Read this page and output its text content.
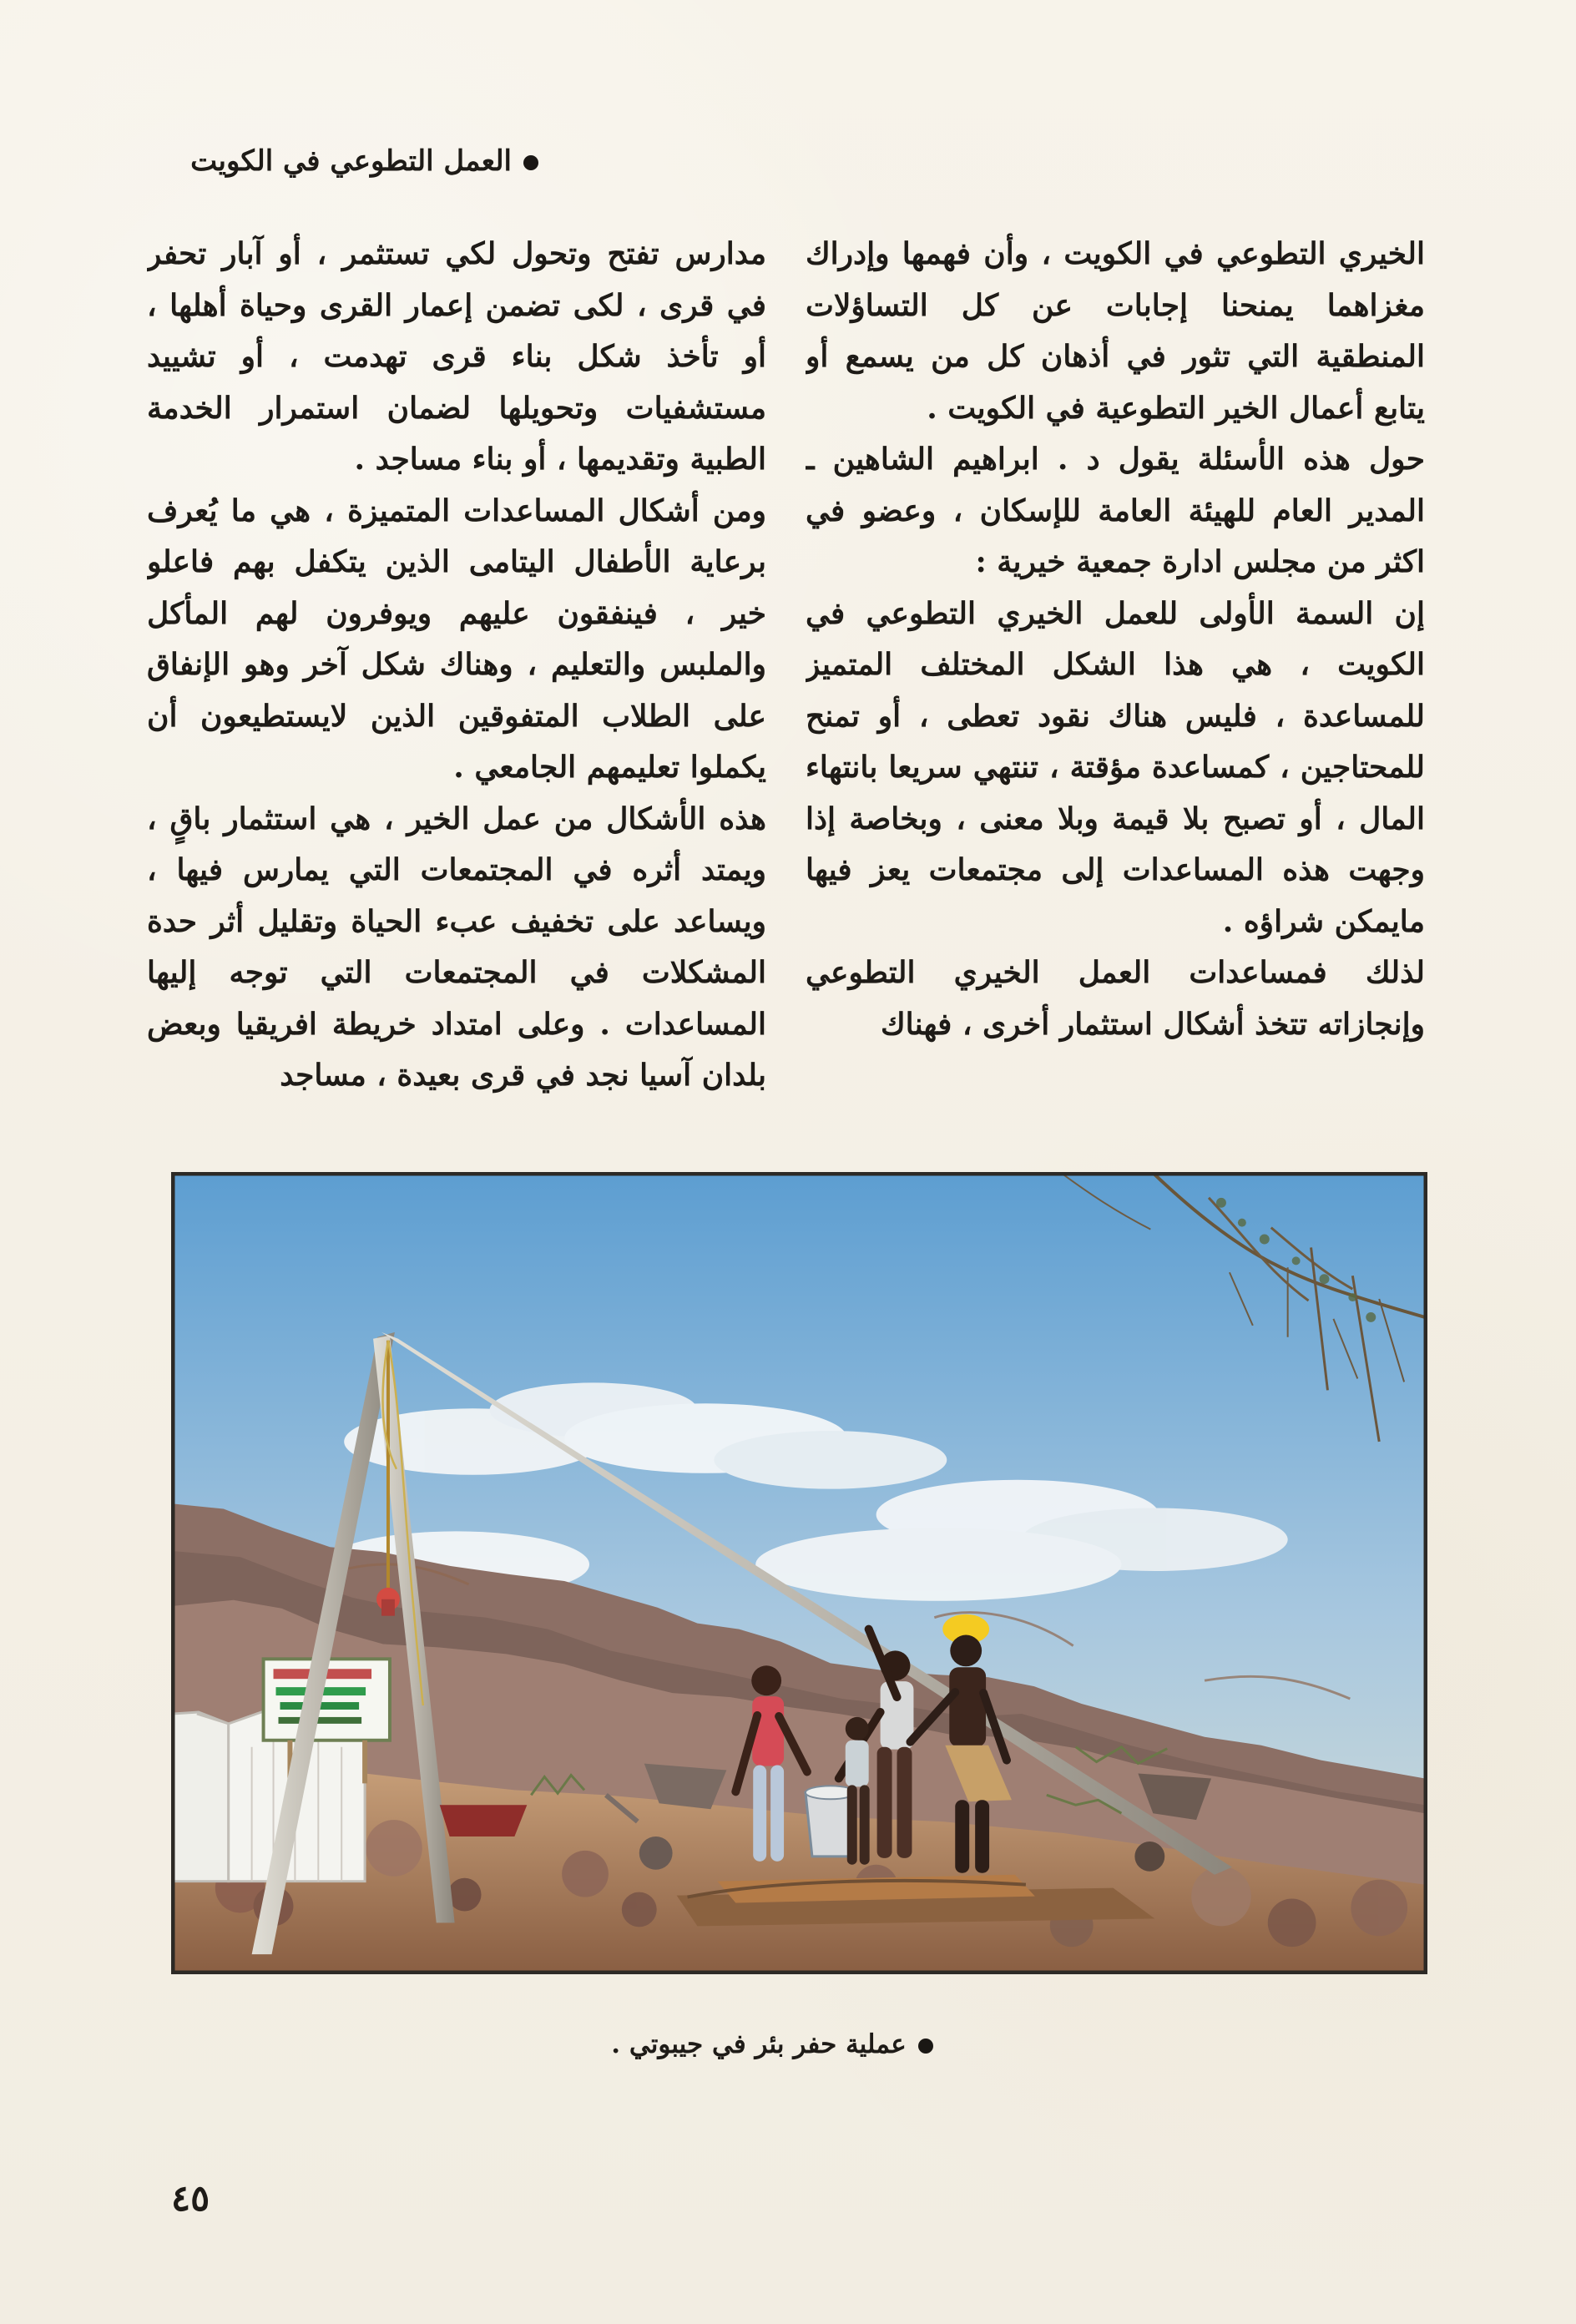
العمل التطوعي في الكويت

الخيري التطوعي في الكويت ، وأن فهمها وإدراك مغزاهما يمنحنا إجابات عن كل التساؤلات المنطقية التي تثور في أذهان كل من يسمع أو يتابع أعمال الخير التطوعية في الكويت .

حول هذه الأسئلة يقول د . ابراهيم الشاهين ـ المدير العام للهيئة العامة للإسكان ، وعضو في اكثر من مجلس ادارة جمعية خيرية :

إن السمة الأولى للعمل الخيري التطوعي في الكويت ، هي هذا الشكل المختلف المتميز للمساعدة ، فليس هناك نقود تعطى ، أو تمنح للمحتاجين ، كمساعدة مؤقتة ، تنتهي سريعا بانتهاء المال ، أو تصبح بلا قيمة وبلا معنى ، وبخاصة إذا وجهت هذه المساعدات إلى مجتمعات يعز فيها مايمكن شراؤه .

لذلك فمساعدات العمل الخيري التطوعي وإنجازاته تتخذ أشكال استثمار أخرى ، فهناك

مدارس تفتح وتحول لكي تستثمر ، أو آبار تحفر في قرى ، لكى تضمن إعمار القرى وحياة أهلها ، أو تأخذ شكل بناء قرى تهدمت ، أو تشييد مستشفيات وتحويلها لضمان استمرار الخدمة الطبية وتقديمها ، أو بناء مساجد .

ومن أشكال المساعدات المتميزة ، هي ما يُعرف برعاية الأطفال اليتامى الذين يتكفل بهم فاعلو خير ، فينفقون عليهم ويوفرون لهم المأكل والملبس والتعليم ، وهناك شكل آخر وهو الإنفاق على الطلاب المتفوقين الذين لايستطيعون أن يكملوا تعليمهم الجامعي .

هذه الأشكال من عمل الخير ، هي استثمار باقٍ ، ويمتد أثره في المجتمعات التي يمارس فيها ، ويساعد على تخفيف عبء الحياة وتقليل أثر حدة المشكلات في المجتمعات التي توجه إليها المساعدات . وعلى امتداد خريطة افريقيا وبعض بلدان آسيا نجد في قرى بعيدة ، مساجد

عملية حفر بئر في جيبوتي .
٤٥
